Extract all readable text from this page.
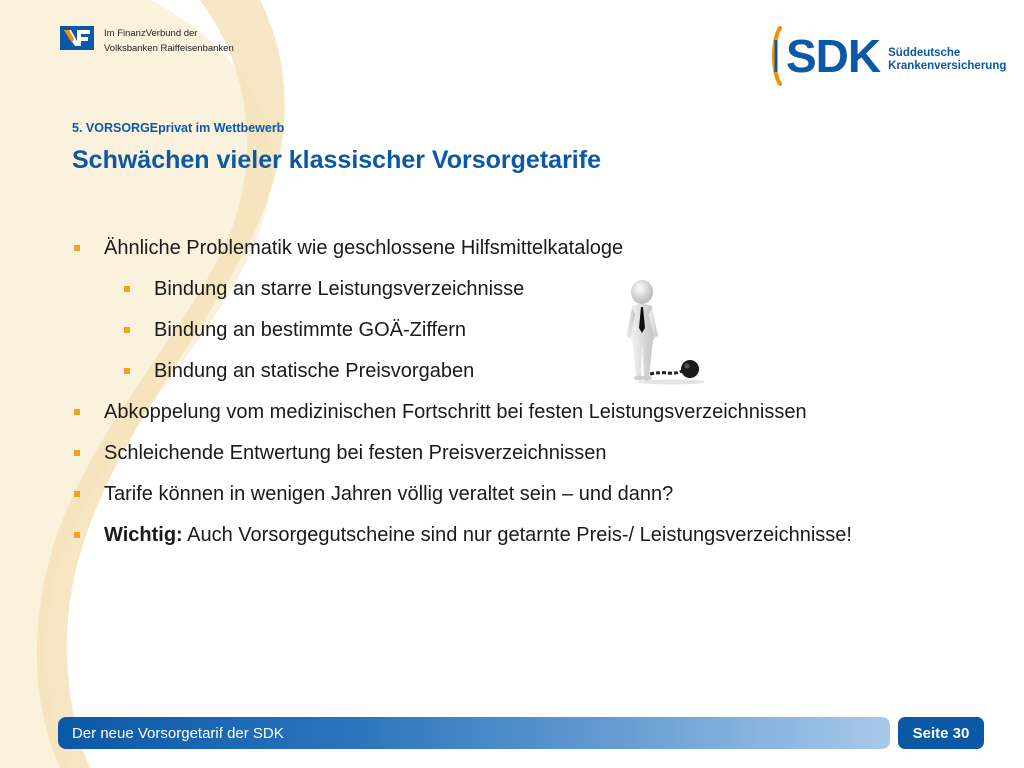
Im FinanzVerbund der
Volksbanken Raiffeisenbanken	SDK Süddeutsche
Krankenversicherung
5. VORSORGEprivat im Wettbewerb
Schwächen vieler klassischer Vorsorgetarife
Ähnliche Problematik wie geschlossene Hilfsmittelkataloge
Bindung an starre Leistungsverzeichnisse
Bindung an bestimmte GOÄ-Ziffern
Bindung an statische Preisvorgaben
Abkoppelung vom medizinischen Fortschritt bei festen Leistungsverzeichnissen
Schleichende Entwertung bei festen Preisverzeichnissen
Tarife können in wenigen Jahren völlig veraltet sein – und dann?
Wichtig: Auch Vorsorgegutscheine sind nur getarnte Preis-/ Leistungsverzeichnisse!
Der neue Vorsorgetarif der SDK	Seite 30
